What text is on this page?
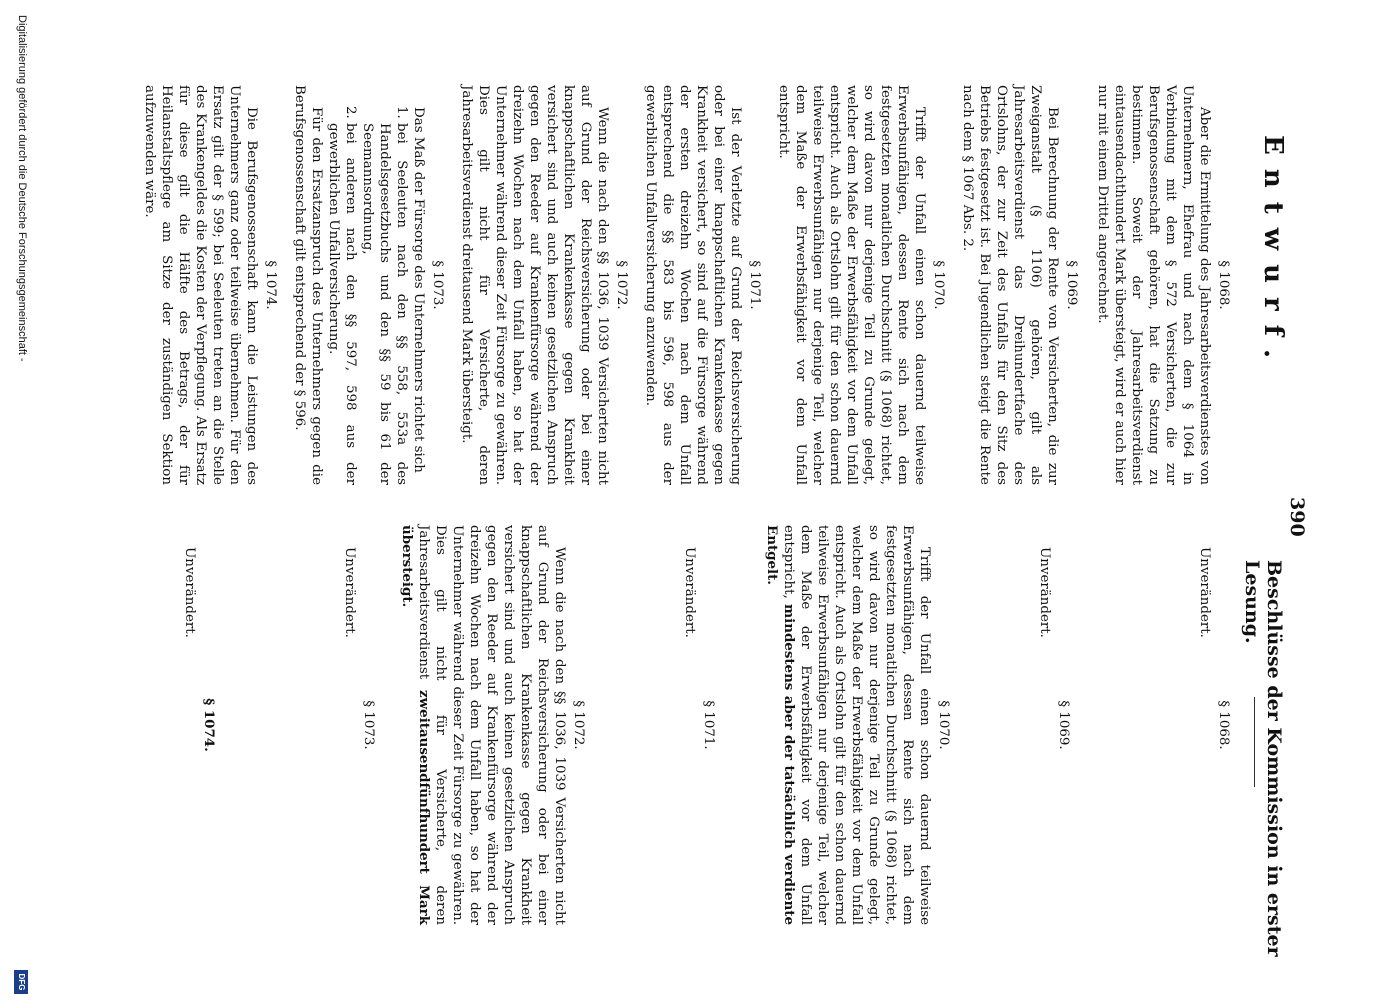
390
Entwurf.
Beschlüsse der Kommission in erster Lesung.
§ 1068.

Aber die Ermittelung des Jahresarbeitsverdienstes von Unternehmern, Ehefrau und nach dem § 1064 in Verbindung mit dem § 572 Versicherten, die zur Berufsgenossenschaft gehören, hat die Satzung zu bestimmen. Soweit der Jahresarbeitsverdienst eintausendachthundert Mark übersteigt, wird er auch hier nur mit einem Drittel angerechnet.

§ 1069.

Bei Berechnung der Rente von Versicherten, die zur Zweiganstalt (§ 1106) gehören, gilt als Jahresarbeitsverdienst das Dreihundertfache des Ortslohns, der zur Zeit des Unfalls für den Sitz des Betriebs festgesetzt ist. Bei Jugendlichen steigt die Rente nach dem § 1067 Abs. 2.

§ 1070.

Trifft der Unfall einen schon dauernd teilweise Erwerbsunfähigen, dessen Rente sich nach dem festgesetzten monatlichen Durchschnitt (§ 1068) richtet, so wird davon nur derjenige Teil zu Grunde gelegt, welcher dem Maße der Erwerbsfähigkeit vor dem Unfall entspricht. Auch als Ortslohn gilt für den schon dauernd teilweise Erwerbsunfähigen nur derjenige Teil, welcher dem Maße der Erwerbsfähigkeit vor dem Unfall entspricht.

§ 1071.

Ist der Verletzte auf Grund der Reichsversicherung oder bei einer knappschaftlichen Krankenkasse gegen Krankheit versichert, so sind auf die Fürsorge während der ersten dreizehn Wochen nach dem Unfall entsprechend die §§ 583 bis 596, 598 aus der gewerblichen Unfallversicherung anzuwenden.

§ 1072.

Wenn die nach den §§ 1036, 1039 Versicherten nicht auf Grund der Reichsversicherung oder bei einer knappschaftlichen Krankenkasse gegen Krankheit versichert sind und auch keinen gesetzlichen Anspruch gegen den Reeder auf Krankenfürsorge während der dreizehn Wochen nach dem Unfall haben, so hat der Unternehmer während dieser Zeit Fürsorge zu gewähren. Dies gilt nicht für Versicherte, deren Jahresarbeitsverdienst dreitausend Mark übersteigt.

§ 1073.

Das Maß der Fürsorge des Unternehmers richtet sich

1. bei Seeleuten nach den §§ 558, 553a des Handelsgesetzbuchs und den §§ 59 bis 61 der Seemannsordnung,
2. bei anderen nach den §§ 597, 598 aus der gewerblichen Unfallversicherung.

Für den Ersatzanspruch des Unternehmers gegen die Berufsgenossenschaft gilt entsprechend der § 596.

§ 1074.

Die Berufsgenossenschaft kann die Leistungen des Unternehmers ganz oder teilweise übernehmen. Für den Ersatz gilt der § 599; bei Seeleuten treten an die Stelle des Krankengeldes die Kosten der Verpflegung. Als Ersatz für diese gilt die Hälfte des Betrags, der für Heilanstaltspflege am Sitze der zuständigen Sektion aufzuwenden wäre.

§ 1068.
Unverändert.
§ 1069.
Unverändert.
§ 1070.

Trifft der Unfall einen schon dauernd teilweise Erwerbsunfähigen, dessen Rente sich nach dem festgesetzten monatlichen Durchschnitt (§ 1068) richtet, so wird davon nur derjenige Teil zu Grunde gelegt, welcher dem Maße der Erwerbsfähigkeit vor dem Unfall entspricht. Auch als Ortslohn gilt für den schon dauernd teilweise Erwerbsunfähigen nur derjenige Teil, welcher dem Maße der Erwerbsfähigkeit vor dem Unfall entspricht, mindestens aber der tatsächlich verdiente Entgelt.

§ 1071.
Unverändert.
§ 1072.

Wenn die nach den §§ 1036, 1039 Versicherten nicht auf Grund der Reichsversicherung oder bei einer knappschaftlichen Krankenkasse gegen Krankheit versichert sind und auch keinen gesetzlichen Anspruch gegen den Reeder auf Krankenfürsorge während der dreizehn Wochen nach dem Unfall haben, so hat der Unternehmer während dieser Zeit Fürsorge zu gewähren. Dies gilt nicht für Versicherte, deren Jahresarbeitsverdienst zweitausendfünfhundert Mark übersteigt.

§ 1073.
Unverändert.
§ 1074.
Unverändert.
Digitalisierung gefördert durch die Deutsche Forschungsgemeinschaft -
DFG
